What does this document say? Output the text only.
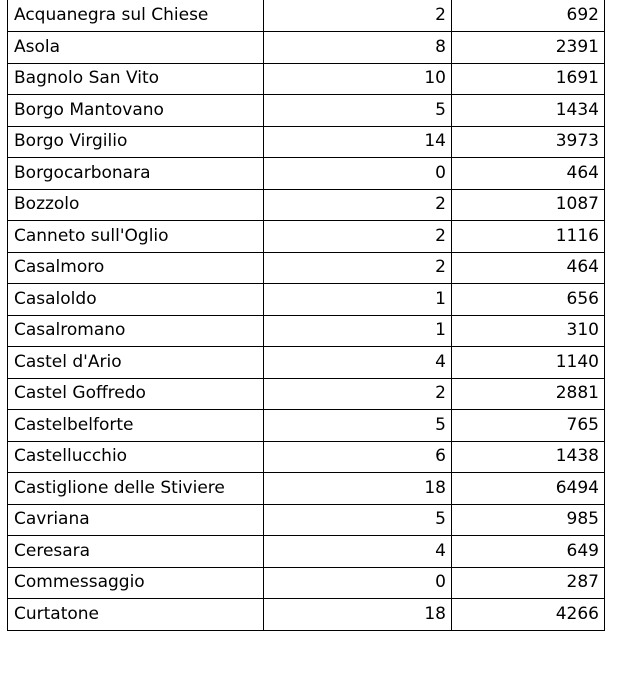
Acquanegra sul Chiese	2	692
Asola	8	2391
Bagnolo San Vito	10	1691
Borgo Mantovano	5	1434
Borgo Virgilio	14	3973
Borgocarbonara	0	464
Bozzolo	2	1087
Canneto sull'Oglio	2	1116
Casalmoro	2	464
Casaloldo	1	656
Casalromano	1	310
Castel d'Ario	4	1140
Castel Goffredo	2	2881
Castelbelforte	5	765
Castellucchio	6	1438
Castiglione delle Stiviere	18	6494
Cavriana	5	985
Ceresara	4	649
Commessaggio	0	287
Curtatone	18	4266
